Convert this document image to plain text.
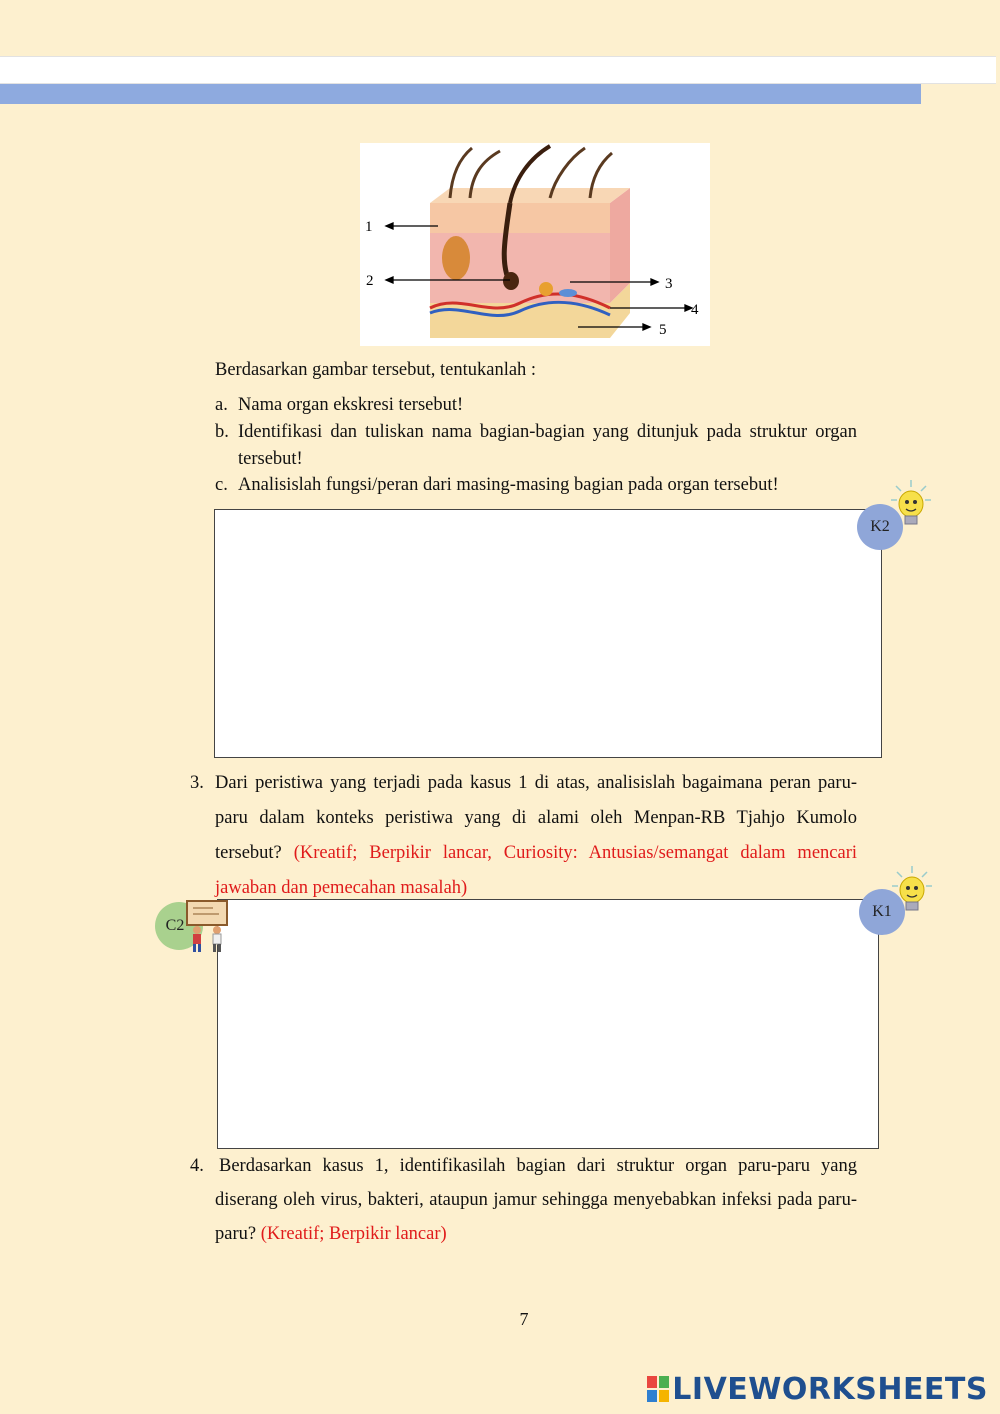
1
2	3
4
5
Berdasarkan gambar tersebut, tentukanlah :
a. Nama organ ekskresi tersebut!
b. Identifikasi dan tuliskan nama bagian-bagian yang ditunjuk pada struktur organ tersebut!
c. Analisislah fungsi/peran dari masing-masing bagian pada organ tersebut!
K2
3. Dari peristiwa yang terjadi pada kasus 1 di atas, analisislah bagaimana peran paru-paru dalam konteks peristiwa yang di alami oleh Menpan-RB Tjahjo Kumolo tersebut? (Kreatif; Berpikir lancar, Curiosity: Antusias/semangat dalam mencari jawaban dan pemecahan masalah)
C2
K1
4. Berdasarkan kasus 1, identifikasilah bagian dari struktur organ paru-paru yang diserang oleh virus, bakteri, ataupun jamur sehingga menyebabkan infeksi pada paru-paru? (Kreatif; Berpikir lancar)
7
LIVEWORKSHEETS
